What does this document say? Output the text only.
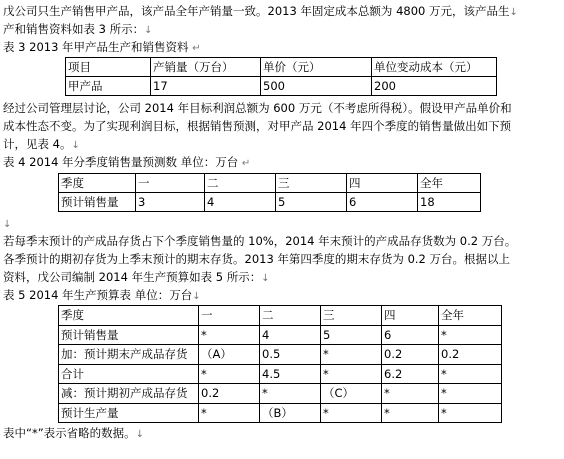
戊公司只生产销售甲产品，该产品全年产销量一致。2013 年固定成本总额为 4800 万元，该产品生↓
产和销售资料如表 3 所示：↓
表 3 2013 年甲产品生产和销售资料 ↵
项目	产销量（万台）	单价（元）	单位变动成本（元）
甲产品	17	500	200
经过公司管理层讨论，公司 2014 年目标利润总额为 600 万元（不考虑所得税）。假设甲产品单价和
成本性态不变。为了实现利润目标，根据销售预测，对甲产品 2014 年四个季度的销售量做出如下预
计，见表 4。↓
表 4 2014 年分季度销售量预测数 单位：万台 ↵
季度	一	二	三	四	全年
预计销售量	3	4	5	6	18
↓
若每季末预计的产成品存货占下个季度销售量的 10%，2014 年末预计的产成品存货数为 0.2 万台。
各季预计的期初存货为上季末预计的期末存货。2013 年第四季度的期末存货为 0.2 万台。根据以上
资料，戊公司编制 2014 年生产预算如表 5 所示：↓
表 5 2014 年生产预算表 单位：万台↓
季度	一	二	三	四	全年
预计销售量	*	4	5	6	*
加：预计期末产成品存货	（A）	0.5	*	0.2	0.2
合计	*	4.5	*	6.2	*
减：预计期初产成品存货	0.2	*	（C）	*	*
预计生产量	*	（B）	*	*	*
表中“*”表示省略的数据。↓
